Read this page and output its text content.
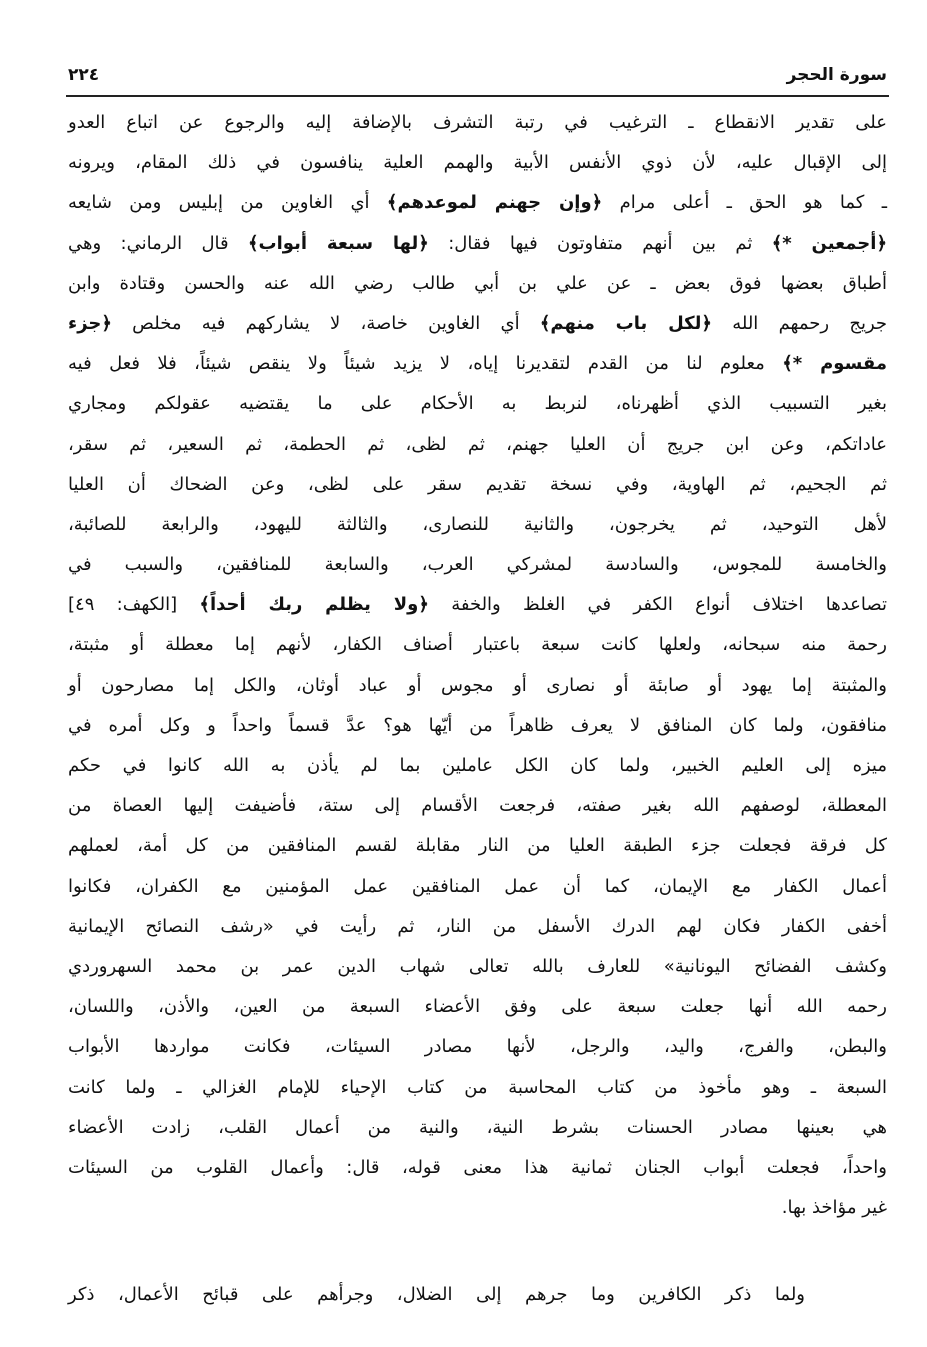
سورة الحجر
٢٢٤
على تقدير الانقطاع ـ الترغيب في رتبة التشرف بالإضافة إليه والرجوع عن اتباع العدو
إلى الإقبال عليه، لأن ذوي الأنفس الأبية والهمم العلية ينافسون في ذلك المقام، ويرونه
ـ كما هو الحق ـ أعلى مرام ﴿وإن جهنم لموعدهم﴾ أي الغاوين من إبليس ومن شايعه
﴿أجمعين *﴾ ثم بين أنهم متفاوتون فيها فقال: ﴿لها سبعة أبواب﴾ قال الرماني: وهي
أطباق بعضها فوق بعض ـ عن علي بن أبي طالب رضي الله عنه والحسن وقتادة وابن
جريج رحمهم الله ﴿لكل باب منهم﴾ أي الغاوين خاصة، لا يشاركهم فيه مخلص ﴿جزء
مقسوم *﴾ معلوم لنا من القدم لتقديرنا إياه، لا يزيد شيئاً ولا ينقص شيئاً، فلا فعل فيه
بغير التسبيب الذي أظهرناه، لنربط به الأحكام على ما يقتضيه عقولكم ومجاري
عاداتكم، وعن ابن جريج أن العليا جهنم، ثم لظى، ثم الحطمة، ثم السعير، ثم سقر،
ثم الجحيم، ثم الهاوية، وفي نسخة تقديم سقر على لظى، وعن الضحاك أن العليا
لأهل التوحيد، ثم يخرجون، والثانية للنصارى، والثالثة لليهود، والرابعة للصائبة،
والخامسة للمجوس، والسادسة لمشركي العرب، والسابعة للمنافقين، والسبب في
تصاعدها اختلاف أنواع الكفر في الغلظ والخفة ﴿ولا يظلم ربك أحداً﴾ [الكهف: ٤٩]
رحمة منه سبحانه، ولعلها كانت سبعة باعتبار أصناف الكفار، لأنهم إما معطلة أو مثبتة،
والمثبتة إما يهود أو صابئة أو نصارى أو مجوس أو عباد أوثان، والكل إما مصارحون أو
منافقون، ولما كان المنافق لا يعرف ظاهراً من أيّها هو؟ عدَّ قسماً واحداً و وكل أمره في
ميزه إلى العليم الخبير، ولما كان الكل عاملين بما لم يأذن به الله كانوا في حكم
المعطلة، لوصفهم الله بغير صفته، فرجعت الأقسام إلى ستة، فأضيفت إليها العصاة من
كل فرقة فجعلت جزء الطبقة العليا من النار مقابلة لقسم المنافقين من كل أمة، لعملهم
أعمال الكفار مع الإيمان، كما أن عمل المنافقين عمل المؤمنين مع الكفران، فكانوا
أخفى الكفار فكان لهم الدرك الأسفل من النار، ثم رأيت في «رشف النصائح الإيمانية
وكشف الفضائح اليونانية» للعارف بالله تعالى شهاب الدين عمر بن محمد السهروردي
رحمه الله أنها جعلت سبعة على وفق الأعضاء السبعة من العين، والأذن، واللسان،
والبطن، والفرج، واليد، والرجل، لأنها مصادر السيئات، فكانت مواردها الأبواب
السبعة ـ وهو مأخوذ من كتاب المحاسبة من كتاب الإحياء للإمام الغزالي ـ ولما كانت
هي بعينها مصادر الحسنات بشرط النية، والنية من أعمال القلب، زادت الأعضاء
واحداً، فجعلت أبواب الجنان ثمانية هذا معنى قوله، قال: وأعمال القلوب من السيئات
غير مؤاخذ بها.
ولما ذكر الكافرين وما جرهم إلى الضلال، وجرأهم على قبائح الأعمال، ذكر
